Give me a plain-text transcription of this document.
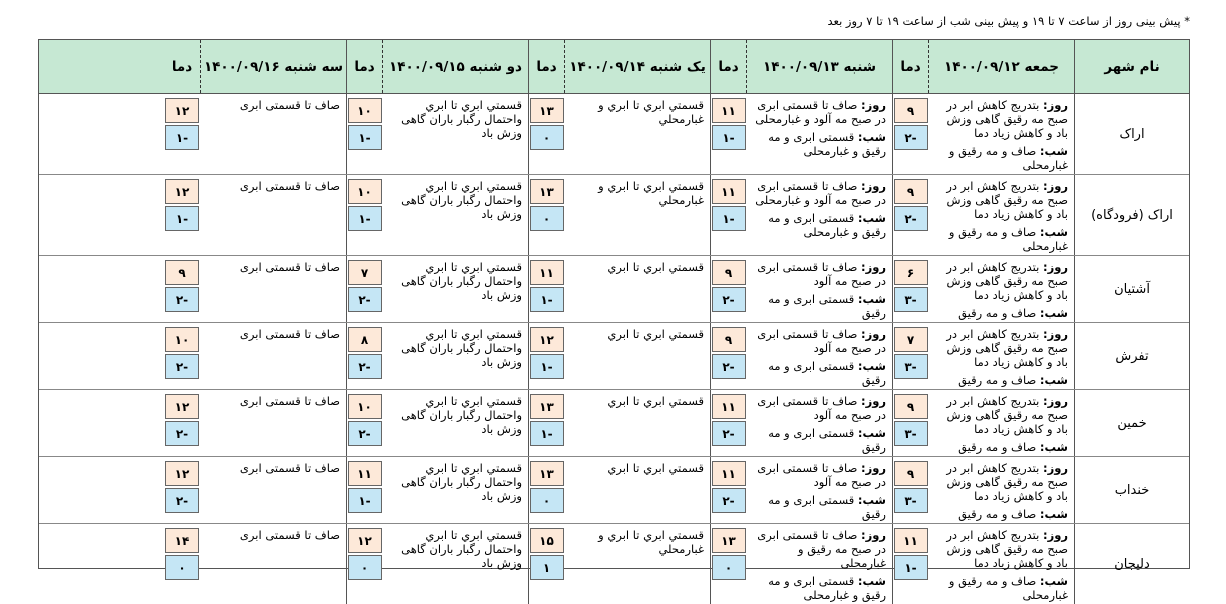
* پیش بینی روز از ساعت ۷ تا ۱۹ و پیش بینی شب از ساعت ۱۹ تا ۷ روز بعد
نام شهر
جمعه ۱۴۰۰/۰۹/۱۲
دما
شنبه ۱۴۰۰/۰۹/۱۳
دما
یک شنبه ۱۴۰۰/۰۹/۱۴
دما
دو شنبه ۱۴۰۰/۰۹/۱۵
دما
سه شنبه ۱۴۰۰/۰۹/۱۶
دما
اراک
روز: بتدریج کاهش ابر در صبح مه رقیق گاهی وزش باد و کاهش زیاد دما
شب: صاف و مه رقیق و غبارمحلی
۹
-۲
روز: صاف تا قسمتی ابری در صبح مه آلود و غبارمحلی
شب: قسمتی ابری و مه رقیق و غبارمحلی
۱۱
-۱
قسمتي ابري تا ابري و غبارمحلي
۱۳
۰
قسمتي ابري تا ابري واحتمال رگبار باران گاهی وزش باد
۱۰
-۱
صاف تا قسمتی ابری
۱۲
-۱
اراک (فرودگاه)
روز: بتدریج کاهش ابر در صبح مه رقیق گاهی وزش باد و کاهش زیاد دما
شب: صاف و مه رقیق و غبارمحلی
۹
-۲
روز: صاف تا قسمتی ابری در صبح مه آلود و غبارمحلی
شب: قسمتی ابری و مه رقیق و غبارمحلی
۱۱
-۱
قسمتي ابري تا ابري و غبارمحلي
۱۳
۰
قسمتي ابري تا ابري واحتمال رگبار باران گاهی وزش باد
۱۰
-۱
صاف تا قسمتی ابری
۱۲
-۱
آشتیان
روز: بتدریج کاهش ابر در صبح مه رقیق گاهی وزش باد و کاهش زیاد دما
شب: صاف و مه رقیق
۶
-۳
روز: صاف تا قسمتی ابری در صبح مه آلود
شب: قسمتی ابری و مه رقیق
۹
-۲
قسمتي ابري تا ابري
۱۱
-۱
قسمتي ابري تا ابري واحتمال رگبار باران گاهی وزش باد
۷
-۲
صاف تا قسمتی ابری
۹
-۲
تفرش
روز: بتدریج کاهش ابر در صبح مه رقیق گاهی وزش باد و کاهش زیاد دما
شب: صاف و مه رقیق
۷
-۳
روز: صاف تا قسمتی ابری در صبح مه آلود
شب: قسمتی ابری و مه رقیق
۹
-۲
قسمتي ابري تا ابري
۱۲
-۱
قسمتي ابري تا ابري واحتمال رگبار باران گاهی وزش باد
۸
-۲
صاف تا قسمتی ابری
۱۰
-۲
خمین
روز: بتدریج کاهش ابر در صبح مه رقیق گاهی وزش باد و کاهش زیاد دما
شب: صاف و مه رقیق
۹
-۳
روز: صاف تا قسمتی ابری در صبح مه آلود
شب: قسمتی ابری و مه رقیق
۱۱
-۲
قسمتي ابري تا ابري
۱۳
-۱
قسمتي ابري تا ابري واحتمال رگبار باران گاهی وزش باد
۱۰
-۲
صاف تا قسمتی ابری
۱۲
-۲
خنداب
روز: بتدریج کاهش ابر در صبح مه رقیق گاهی وزش باد و کاهش زیاد دما
شب: صاف و مه رقیق
۹
-۳
روز: صاف تا قسمتی ابری در صبح مه آلود
شب: قسمتی ابری و مه رقیق
۱۱
-۲
قسمتي ابري تا ابري
۱۳
۰
قسمتي ابري تا ابري واحتمال رگبار باران گاهی وزش باد
۱۱
-۱
صاف تا قسمتی ابری
۱۲
-۲
دلیجان
روز: بتدریج کاهش ابر در صبح مه رقیق گاهی وزش باد و کاهش زیاد دما
شب: صاف و مه رقیق و غبارمحلی
۱۱
-۱
روز: صاف تا قسمتی ابری در صبح مه رقیق و غبارمحلی
شب: قسمتی ابری و مه رقیق و غبارمحلی
۱۳
۰
قسمتي ابري تا ابري و غبارمحلي
۱۵
۱
قسمتي ابري تا ابري واحتمال رگبار باران گاهی وزش باد
۱۲
۰
صاف تا قسمتی ابری
۱۴
۰
